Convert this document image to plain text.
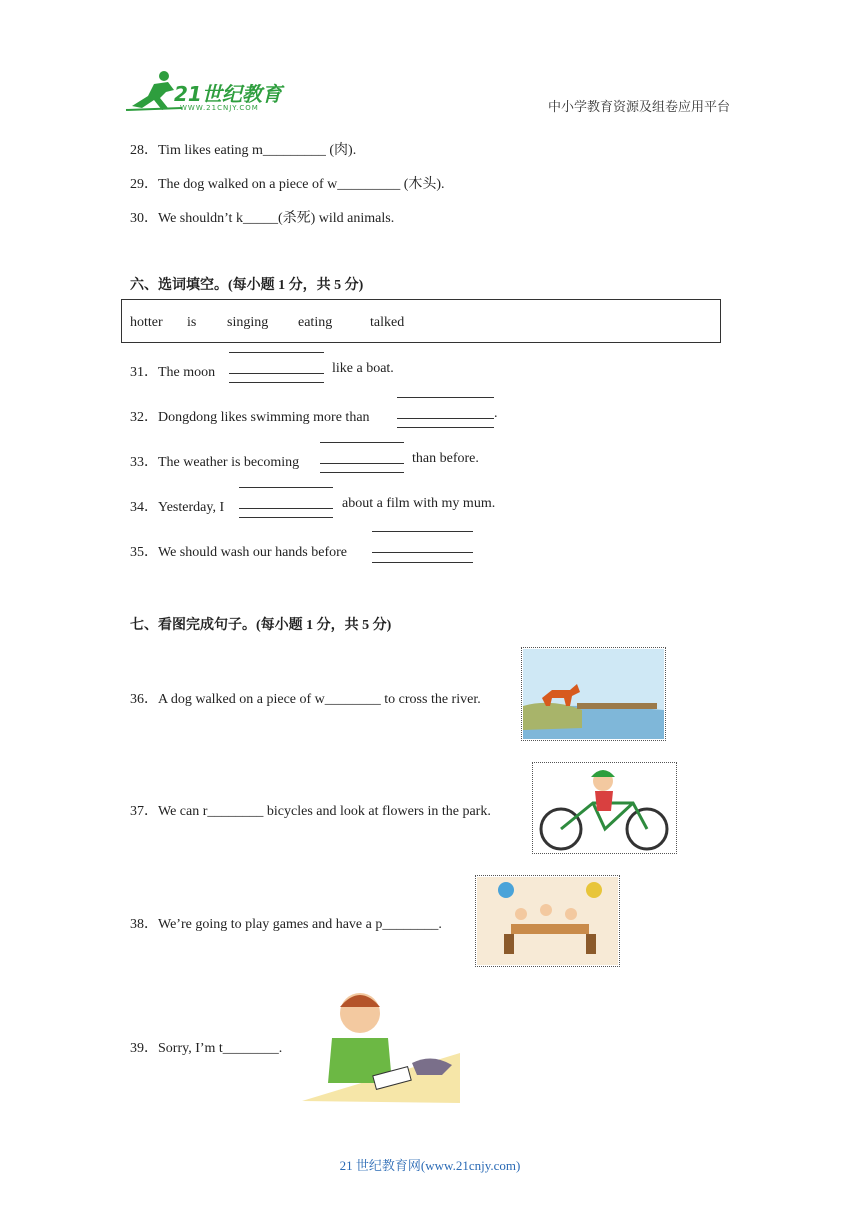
21世纪教育
WWW.21CNJY.COM	中小学教育资源及组卷应用平台
28．Tim likes eating m_________ (肉).
29．The dog walked on a piece of w_________ (木头).
30．We shouldn’t k_____(杀死) wild animals.
六、选词填空。(每小题 1 分，共 5 分)
hotter is singing eating	talked
31．The moon	like a boat.
32．Dongdong likes swimming more than	.
33．The weather is becoming	than before.
34．Yesterday, I	about a film with my mum.
35．We should wash our hands before
七、看图完成句子。(每小题 1 分，共 5 分)
36．A dog walked on a piece of w________ to cross the river.
37．We can r________ bicycles and look at flowers in the park.
38．We’re going to play games and have a p________.
39．Sorry, I’m t________.
21 世纪教育网(www.21cnjy.com)
